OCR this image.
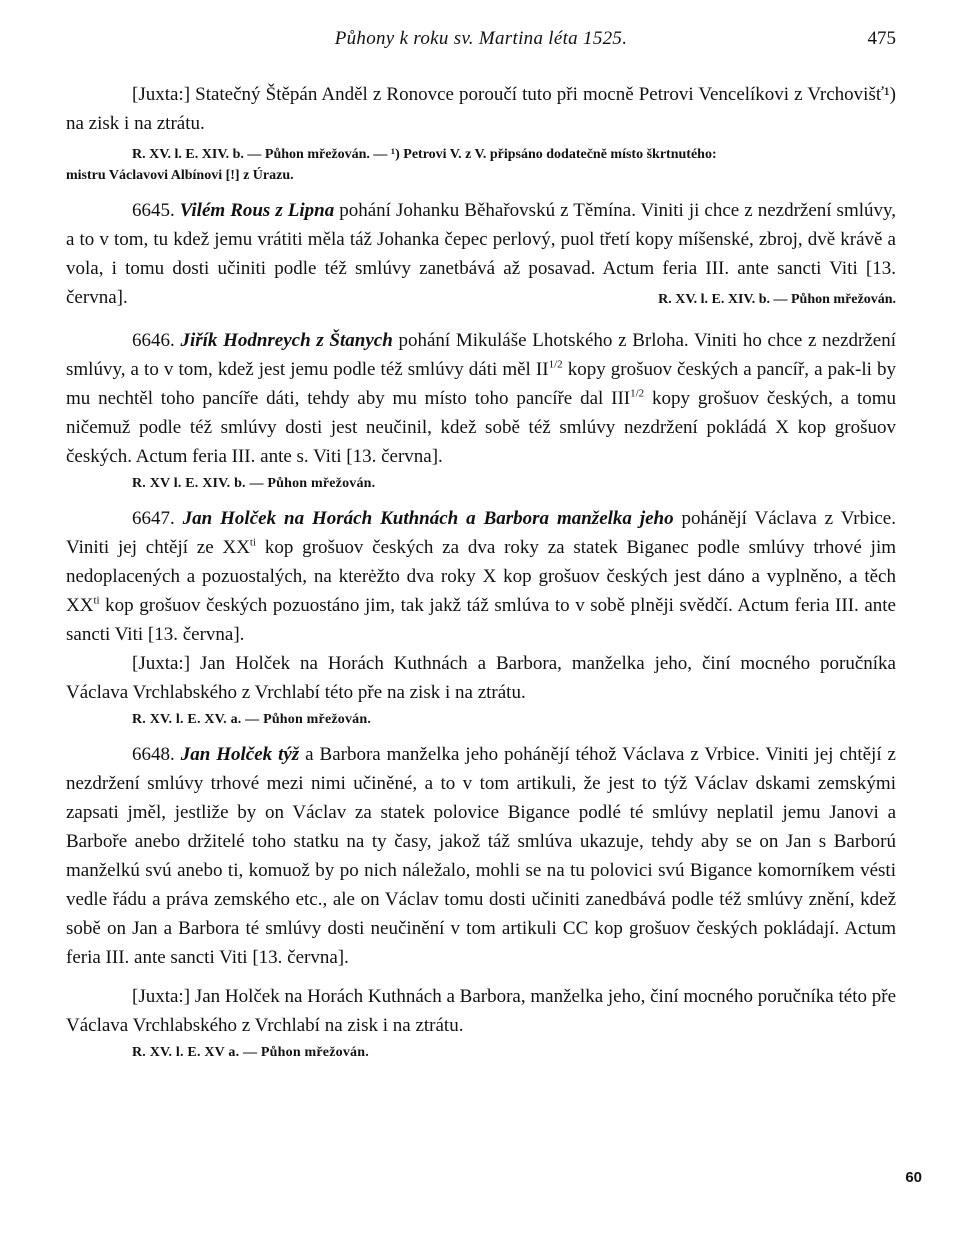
Půhony k roku sv. Martina léta 1525.	475

[Juxta:] Statečný Štěpán Anděl z Ronovce poroučí tuto při mocně Petrovi Vencelíkovi z Vrchovišť¹) na zisk i na ztrátu.

R. XV. l. E. XIV. b. — Půhon mřežován. — ¹) Petrovi V. z V. připsáno dodatečně místo škrtnutého:
mistru Václavovi Albínovi [!] z Úrazu.

6645. Vilém Rous z Lipna pohání Johanku Běhařovskú z Těmína. Viniti ji chce z nezdržení smlúvy, a to v tom, tu kdež jemu vrátiti měla táž Johanka čepec perlový, puol třetí kopy míšenské, zbroj, dvě krávě a vola, i tomu dosti učiniti podle též smlúvy zanetbává až posavad. Actum feria III. ante sancti Viti [13. června].	R. XV. l. E. XIV. b. — Půhon mřežován.

6646. Jiřík Hodnreych z Štanych pohání Mikuláše Lhotského z Brloha. Viniti ho chce z nezdržení smlúvy, a to v tom, kdež jest jemu podle též smlúvy dáti měl $II^{1/2}$ kopy grošuov českých a pancíř, a pak-li by mu nechtěl toho pancíře dáti, tehdy aby mu místo toho pancíře dal $III^{1/2}$ kopy grošuov českých, a tomu ničemuž podle též smlúvy dosti jest neučinil, kdež sobě též smlúvy nezdržení pokládá X kop grošuov českých. Actum feria III. ante s. Viti [13. června].

R. XV l. E. XIV. b. — Půhon mřežován.

6647. Jan Holček na Horách Kuthnách a Barbora manželka jeho pohánějí Václava z Vrbice. Viniti jej chtějí ze $XX^{ti}$ kop grošuov českých za dva roky za statek Biganec podle smlúvy trhové jim nedoplacených a pozuostalých, na kterėžto dva roky X kop grošuov českých jest dáno a vyplněno, a těch $XX^{ti}$ kop grošuov českých pozuostáno jim, tak jakž táž smlúva to v sobě plněji svědčí. Actum feria III. ante sancti Viti [13. června].

[Juxta:] Jan Holček na Horách Kuthnách a Barbora, manželka jeho, činí mocného poručníka Václava Vrchlabského z Vrchlabí této pře na zisk i na ztrátu.

R. XV. l. E. XV. a. — Půhon mřežován.

6648. Jan Holček týž a Barbora manželka jeho pohánějí téhož Václava z Vrbice. Viniti jej chtějí z nezdržení smlúvy trhové mezi nimi učiněné, a to v tom artikuli, že jest to týž Václav dskami zemskými zapsati jměl, jestliže by on Václav za statek polovice Bigance podlé té smlúvy neplatil jemu Janovi a Barboře anebo držitelé toho statku na ty časy, jakož táž smlúva ukazuje, tehdy aby se on Jan s Barború manželkú svú anebo ti, komuož by po nich náležalo, mohli se na tu polovici svú Bigance komorníkem vésti vedle řádu a práva zemského etc., ale on Václav tomu dosti učiniti zanedbává podle též smlúvy znění, kdež sobě on Jan a Barbora té smlúvy dosti neučinění v tom artikuli CC kop grošuov českých pokládají. Actum feria III. ante sancti Viti [13. června].

[Juxta:] Jan Holček na Horách Kuthnách a Barbora, manželka jeho, činí mocného poručníka této pře Václava Vrchlabského z Vrchlabí na zisk i na ztrátu.

R. XV. l. E. XV a. — Půhon mřežován.
60
